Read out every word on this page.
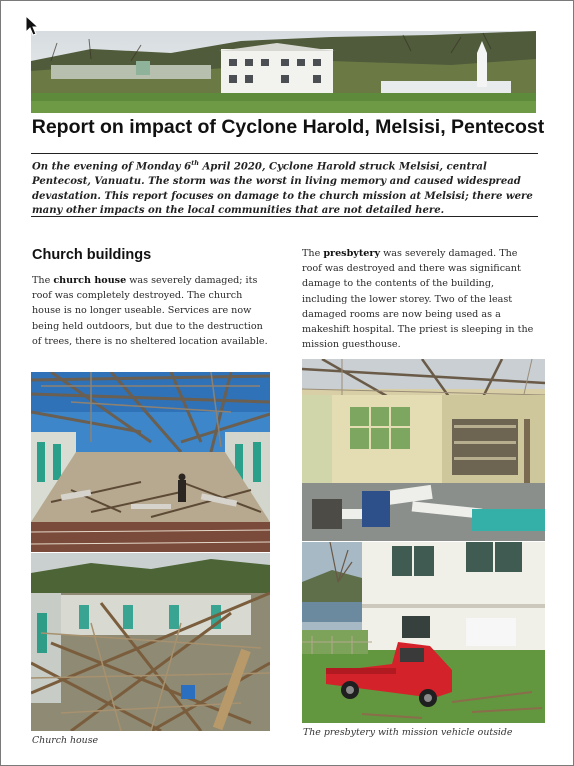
Report on impact of Cyclone Harold, Melsisi, Pentecost
On the evening of Monday 6th April 2020, Cyclone Harold struck Melsisi, central Pentecost, Vanuatu. The storm was the worst in living memory and caused widespread devastation. This report focuses on damage to the church mission at Melsisi; there were many other impacts on the local communities that are not detailed here.
Church buildings
The church house was severely damaged; its roof was completely destroyed. The church house is no longer useable. Services are now being held outdoors, but due to the destruction of trees, there is no sheltered location available.
The presbytery was severely damaged. The roof was destroyed and there was significant damage to the contents of the building, including the lower storey. Two of the least damaged rooms are now being used as a makeshift hospital. The priest is sleeping in the mission guesthouse.
Church house
The presbytery with mission vehicle outside
